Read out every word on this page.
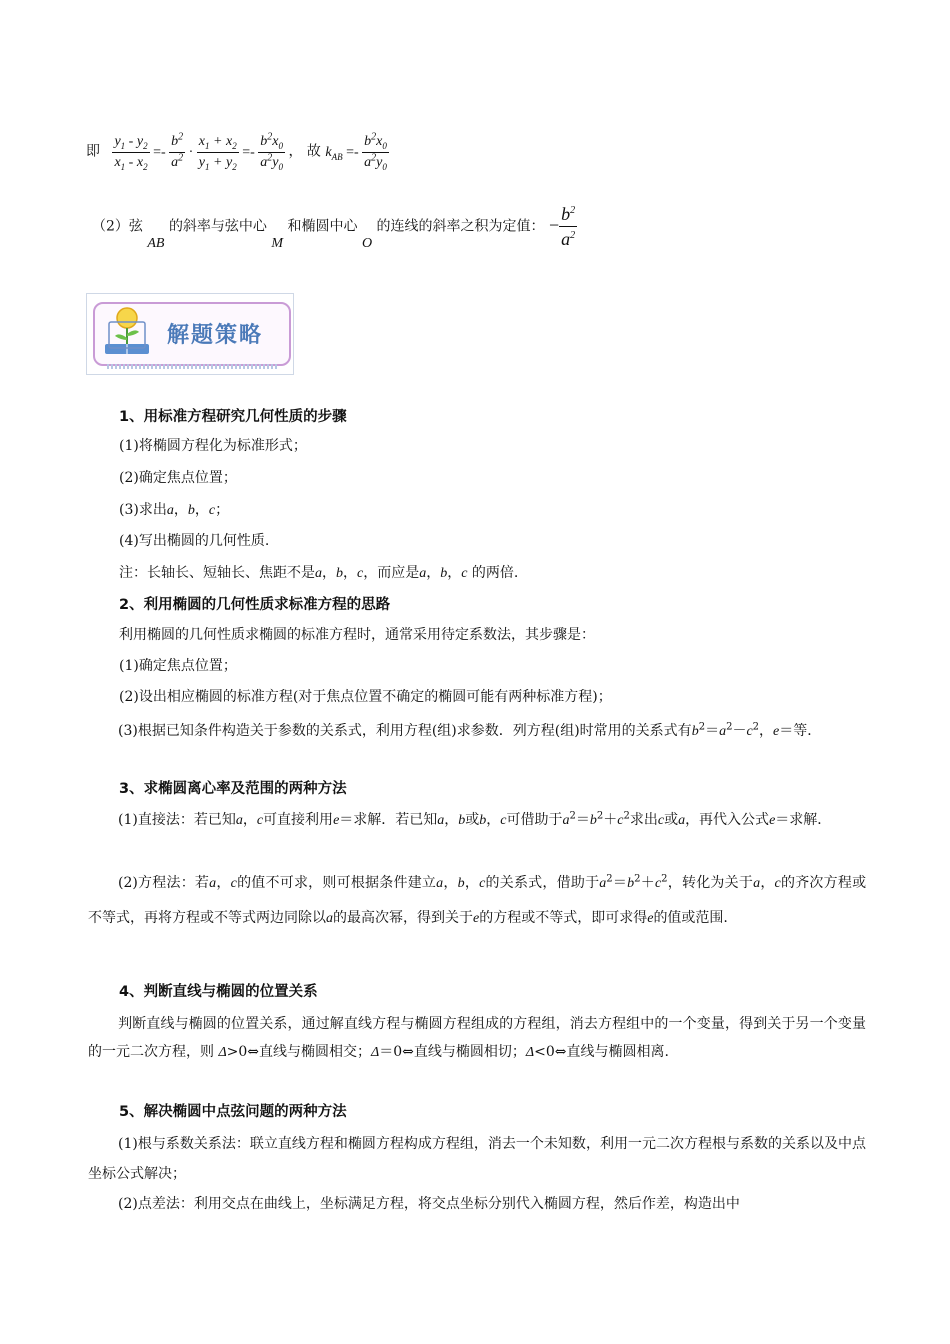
即 $\frac{y_1 - y_2}{x_1 - x_2} =- \frac{b^2}{a^2} \cdot \frac{x_1 + x_2}{y_1 + y_2} =- \frac{b^2x_0}{a^2y_0}$ ， 故 $k_{AB} =- \frac{b^2x_0}{a^2y_0}$
（2）弦 AB 的斜率与弦中心 M 和椭圆中心 O 的连线的斜率之积为定值： − $\frac{b^2}{a^2}$
解题策略
1、用标准方程研究几何性质的步骤
(1)将椭圆方程化为标准形式；
(2)确定焦点位置；
(3)求出a，b，c；
(4)写出椭圆的几何性质.
注：长轴长、短轴长、焦距不是a，b，c，而应是a，b，c 的两倍.
2、利用椭圆的几何性质求标准方程的思路
利用椭圆的几何性质求椭圆的标准方程时，通常采用待定系数法，其步骤是：
(1)确定焦点位置；
(2)设出相应椭圆的标准方程(对于焦点位置不确定的椭圆可能有两种标准方程)；
(3)根据已知条件构造关于参数的关系式，利用方程(组)求参数．列方程(组)时常用的关系式有$b^2=a^2-c^2$，e＝等．
3、求椭圆离心率及范围的两种方法
(1)直接法：若已知a，c可直接利用e＝求解．若已知a，b或b，c可借助于$a^2=b^2+c^2$求出c或a，再代入公式e＝求解．
(2)方程法：若a，c的值不可求，则可根据条件建立a，b，c的关系式，借助于$a^2=b^2+c^2$，转化为关于a，c的齐次方程或不等式，再将方程或不等式两边同除以a的最高次幂，得到关于e的方程或不等式，即可求得e的值或范围.
4、判断直线与椭圆的位置关系
判断直线与椭圆的位置关系，通过解直线方程与椭圆方程组成的方程组，消去方程组中的一个变量，得到关于另一个变量的一元二次方程，则 Δ>0⇔直线与椭圆相交；Δ＝0⇔直线与椭圆相切；Δ<0⇔直线与椭圆相离.
5、解决椭圆中点弦问题的两种方法
(1)根与系数关系法：联立直线方程和椭圆方程构成方程组，消去一个未知数，利用一元二次方程根与系数的关系以及中点坐标公式解决；
(2)点差法：利用交点在曲线上，坐标满足方程，将交点坐标分别代入椭圆方程，然后作差，构造出中
